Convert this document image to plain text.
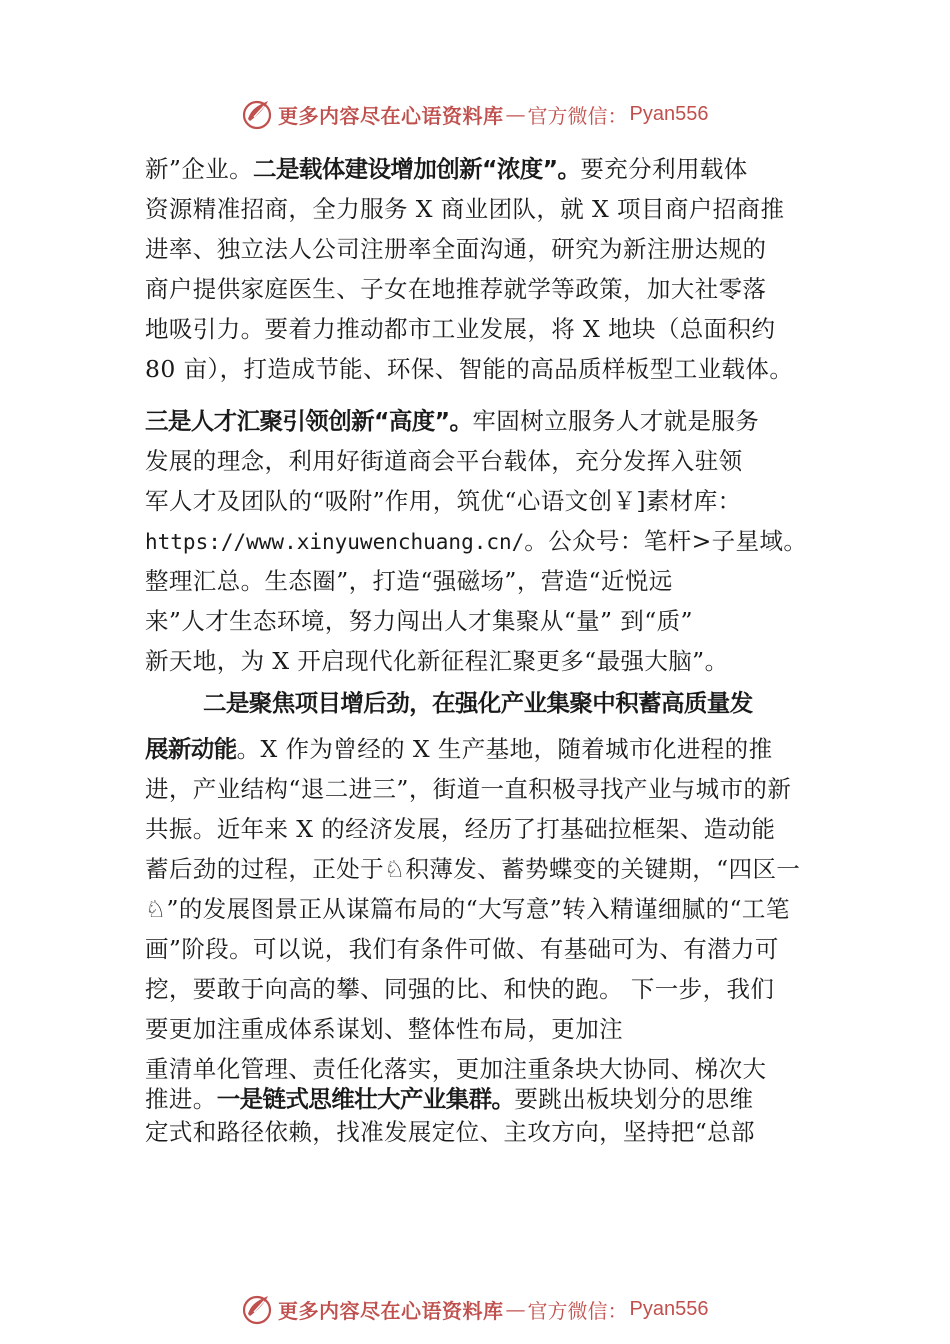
更多内容尽在心语资料库 — 官方微信： Pyan556
新”企业。二是载体建设增加创新“浓度”。要充分利用载体
资源精准招商，全力服务 X 商业团队，就 X 项目商户招商推
进率、独立法人公司注册率全面沟通，研究为新注册达规的
商户提供家庭医生、子女在地推荐就学等政策，加大社零落
地吸引力。要着力推动都市工业发展，将 X 地块（总面积约
80 亩），打造成节能、环保、智能的高品质样板型工业载体。
三是人才汇聚引领创新“高度”。牢固树立服务人才就是服务
发展的理念，利用好街道商会平台载体，充分发挥入驻领
军人才及团队的“吸附”作用，筑优“心语文创￥]素材库：
https://www.xinyuwenchuang.cn/。公众号：笔杆>子星域。
整理汇总。生态圈”，打造“强磁场”，营造“近悦远
来”人才生态环境，努力闯出人才集聚从“量” 到“质”
新天地，为 X 开启现代化新征程汇聚更多“最强大脑”。
二是聚焦项目增后劲，在强化产业集聚中积蓄高质量发
展新动能。X 作为曾经的 X 生产基地，随着城市化进程的推
进，产业结构“退二进三”，街道一直积极寻找产业与城市的新
共振。近年来 X 的经济发展，经历了打基础拉框架、造动能
蓄后劲的过程，正处于♘积薄发、蓄势蝶变的关键期，“四区一
♘”的发展图景正从谋篇布局的“大写意”转入精谨细腻的“工笔
画”阶段。可以说，我们有条件可做、有基础可为、有潜力可
挖，要敢于向高的攀、同强的比、和快的跑。 下一步，我们
要更加注重成体系谋划、整体性布局，更加注
重清单化管理、责任化落实，更加注重条块大协同、梯次大
推进。一是链式思维壮大产业集群。要跳出板块划分的思维
定式和路径依赖，找准发展定位、主攻方向，坚持把“总部
更多内容尽在心语资料库 — 官方微信： Pyan556
